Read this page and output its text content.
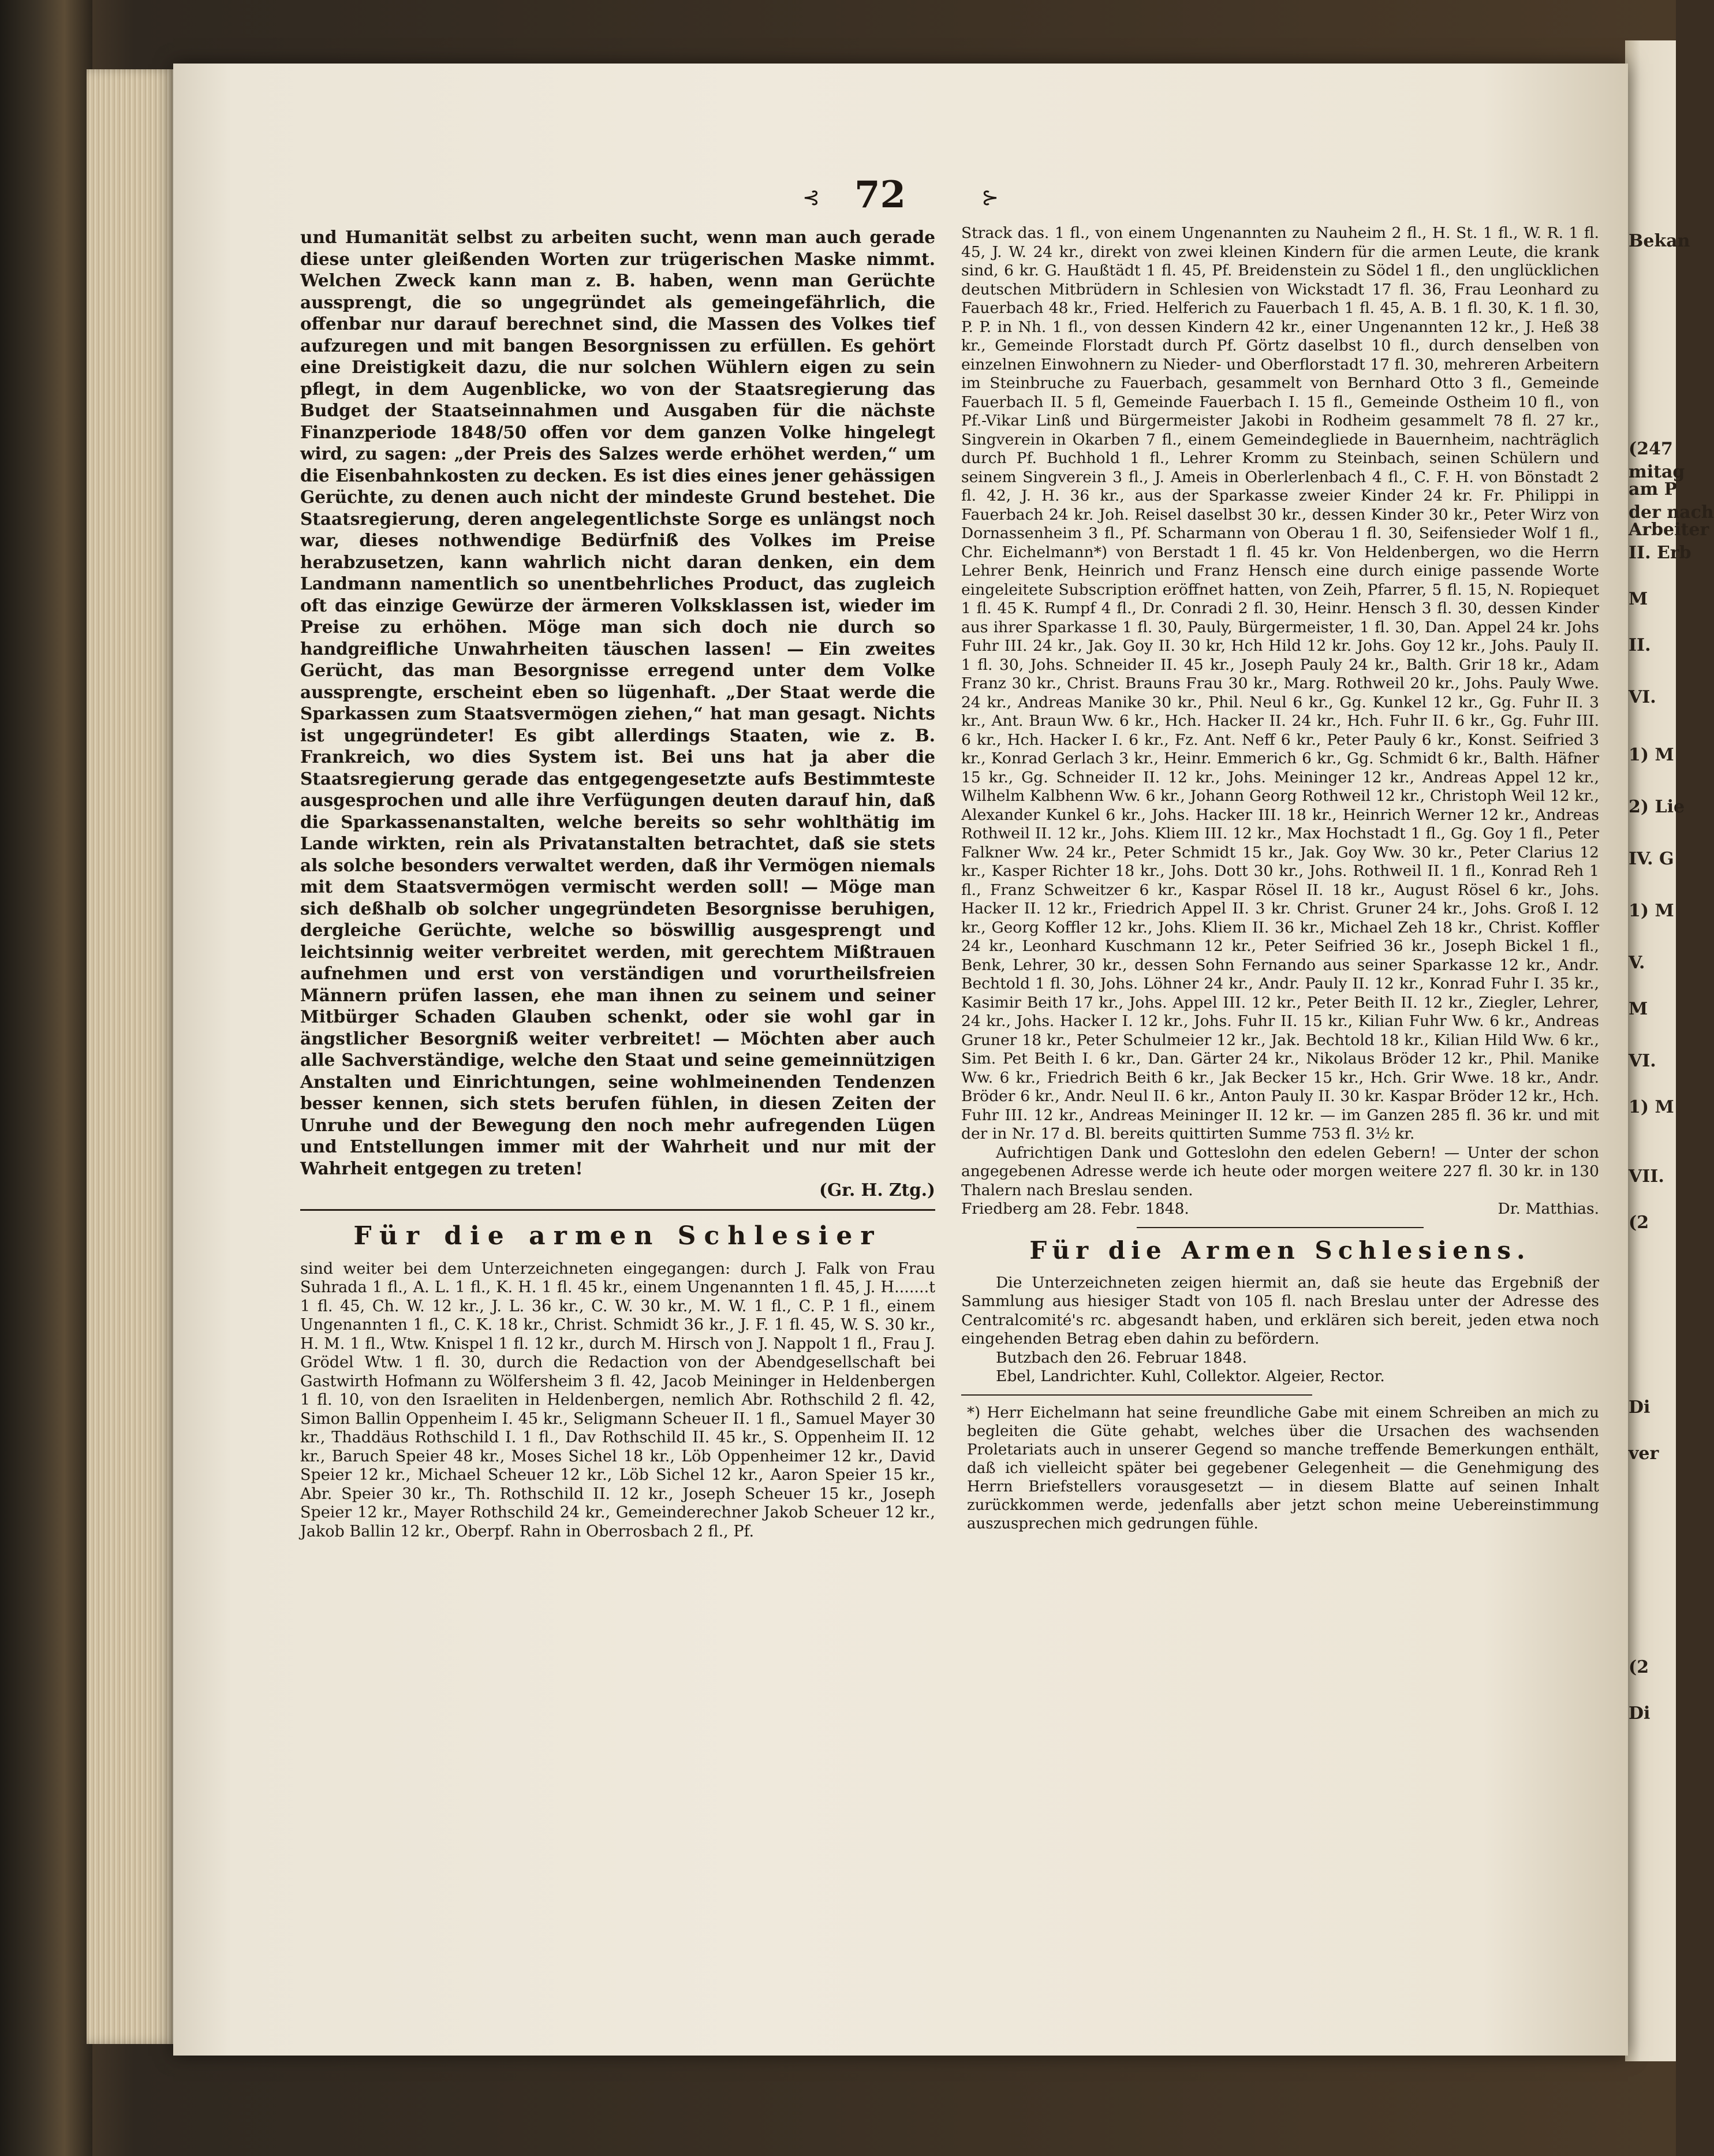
Bekan
(247
mitag
am P
der nach
Arbeiter
II. Erb
M
II.
VI.
1) M
2) Lie
IV. G
1) M
V.
M
VI.
1) M
VII.
(2
Di
ver
(2
Di
⊰ 72	⊱
und Humanität selbst zu arbeiten sucht, wenn man auch gerade diese unter gleißenden Worten zur trügerischen Maske nimmt. Welchen Zweck kann man z. B. haben, wenn man Gerüchte aussprengt, die so ungegründet als gemeingefährlich, die offenbar nur darauf berechnet sind, die Massen des Volkes tief aufzuregen und mit bangen Besorgnissen zu erfüllen. Es gehört eine Dreistigkeit dazu, die nur solchen Wühlern eigen zu sein pflegt, in dem Augenblicke, wo von der Staatsregierung das Budget der Staatseinnahmen und Ausgaben für die nächste Finanzperiode 1848/50 offen vor dem ganzen Volke hingelegt wird, zu sagen: „der Preis des Salzes werde erhöhet werden,“ um die Eisenbahnkosten zu decken. Es ist dies eines jener gehässigen Gerüchte, zu denen auch nicht der mindeste Grund bestehet. Die Staatsregierung, deren angelegentlichste Sorge es unlängst noch war, dieses nothwendige Bedürfniß des Volkes im Preise herabzusetzen, kann wahrlich nicht daran denken, ein dem Landmann namentlich so unentbehrliches Product, das zugleich oft das einzige Gewürze der ärmeren Volksklassen ist, wieder im Preise zu erhöhen. Möge man sich doch nie durch so handgreifliche Unwahrheiten täuschen lassen! — Ein zweites Gerücht, das man Besorgnisse erregend unter dem Volke aussprengte, erscheint eben so lügenhaft. „Der Staat werde die Sparkassen zum Staatsvermögen ziehen,“ hat man gesagt. Nichts ist ungegründeter! Es gibt allerdings Staaten, wie z. B. Frankreich, wo dies System ist. Bei uns hat ja aber die Staatsregierung gerade das entgegengesetzte aufs Bestimmteste ausgesprochen und alle ihre Verfügungen deuten darauf hin, daß die Sparkassenanstalten, welche bereits so sehr wohlthätig im Lande wirkten, rein als Privatanstalten betrachtet, daß sie stets als solche besonders verwaltet werden, daß ihr Vermögen niemals mit dem Staatsvermögen vermischt werden soll! — Möge man sich deßhalb ob solcher ungegründeten Besorgnisse beruhigen, dergleiche Gerüchte, welche so böswillig ausgesprengt und leichtsinnig weiter verbreitet werden, mit gerechtem Mißtrauen aufnehmen und erst von verständigen und vorurtheilsfreien Männern prüfen lassen, ehe man ihnen zu seinem und seiner Mitbürger Schaden Glauben schenkt, oder sie wohl gar in ängstlicher Besorgniß weiter verbreitet! — Möchten aber auch alle Sachverständige, welche den Staat und seine gemeinnützigen Anstalten und Einrichtungen, seine wohlmeinenden Tendenzen besser kennen, sich stets berufen fühlen, in diesen Zeiten der Unruhe und der Bewegung den noch mehr aufregenden Lügen und Entstellungen immer mit der Wahrheit und nur mit der Wahrheit entgegen zu treten!
(Gr. H. Ztg.)
Für die armen Schlesier
sind weiter bei dem Unterzeichneten eingegangen: durch J. Falk von Frau Suhrada 1 fl., A. L. 1 fl., K. H. 1 fl. 45 kr., einem Ungenannten 1 fl. 45, J. H.......t 1 fl. 45, Ch. W. 12 kr., J. L. 36 kr., C. W. 30 kr., M. W. 1 fl., C. P. 1 fl., einem Ungenannten 1 fl., C. K. 18 kr., Christ. Schmidt 36 kr., J. F. 1 fl. 45, W. S. 30 kr., H. M. 1 fl., Wtw. Knispel 1 fl. 12 kr., durch M. Hirsch von J. Nappolt 1 fl., Frau J. Grödel Wtw. 1 fl. 30, durch die Redaction von der Abendgesellschaft bei Gastwirth Hofmann zu Wölfersheim 3 fl. 42, Jacob Meininger in Heldenbergen 1 fl. 10, von den Israeliten in Heldenbergen, nemlich Abr. Rothschild 2 fl. 42, Simon Ballin Oppenheim I. 45 kr., Seligmann Scheuer II. 1 fl., Samuel Mayer 30 kr., Thaddäus Rothschild I. 1 fl., Dav Rothschild II. 45 kr., S. Oppenheim II. 12 kr., Baruch Speier 48 kr., Moses Sichel 18 kr., Löb Oppenheimer 12 kr., David Speier 12 kr., Michael Scheuer 12 kr., Löb Sichel 12 kr., Aaron Speier 15 kr., Abr. Speier 30 kr., Th. Rothschild II. 12 kr., Joseph Scheuer 15 kr., Joseph Speier 12 kr., Mayer Rothschild 24 kr., Gemeinderechner Jakob Scheuer 12 kr., Jakob Ballin 12 kr., Oberpf. Rahn in Oberrosbach 2 fl., Pf.
Strack das. 1 fl., von einem Ungenannten zu Nauheim 2 fl., H. St. 1 fl., W. R. 1 fl. 45, J. W. 24 kr., direkt von zwei kleinen Kindern für die armen Leute, die krank sind, 6 kr. G. Haußtädt 1 fl. 45, Pf. Breidenstein zu Södel 1 fl., den unglücklichen deutschen Mitbrüdern in Schlesien von Wickstadt 17 fl. 36, Frau Leonhard zu Fauerbach 48 kr., Fried. Helferich zu Fauerbach 1 fl. 45, A. B. 1 fl. 30, K. 1 fl. 30, P. P. in Nh. 1 fl., von dessen Kindern 42 kr., einer Ungenannten 12 kr., J. Heß 38 kr., Gemeinde Florstadt durch Pf. Görtz daselbst 10 fl., durch denselben von einzelnen Einwohnern zu Nieder- und Oberflorstadt 17 fl. 30, mehreren Arbeitern im Steinbruche zu Fauerbach, gesammelt von Bernhard Otto 3 fl., Gemeinde Fauerbach II. 5 fl, Gemeinde Fauerbach I. 15 fl., Gemeinde Ostheim 10 fl., von Pf.-Vikar Linß und Bürgermeister Jakobi in Rodheim gesammelt 78 fl. 27 kr., Singverein in Okarben 7 fl., einem Gemeindegliede in Bauernheim, nachträglich durch Pf. Buchhold 1 fl., Lehrer Kromm zu Steinbach, seinen Schülern und seinem Singverein 3 fl., J. Ameis in Oberlerlenbach 4 fl., C. F. H. von Bönstadt 2 fl. 42, J. H. 36 kr., aus der Sparkasse zweier Kinder 24 kr. Fr. Philippi in Fauerbach 24 kr. Joh. Reisel daselbst 30 kr., dessen Kinder 30 kr., Peter Wirz von Dornassenheim 3 fl., Pf. Scharmann von Oberau 1 fl. 30, Seifensieder Wolf 1 fl., Chr. Eichelmann*) von Berstadt 1 fl. 45 kr. Von Heldenbergen, wo die Herrn Lehrer Benk, Heinrich und Franz Hensch eine durch einige passende Worte eingeleitete Subscription eröffnet hatten, von Zeih, Pfarrer, 5 fl. 15, N. Ropiequet 1 fl. 45 K. Rumpf 4 fl., Dr. Conradi 2 fl. 30, Heinr. Hensch 3 fl. 30, dessen Kinder aus ihrer Sparkasse 1 fl. 30, Pauly, Bürgermeister, 1 fl. 30, Dan. Appel 24 kr. Johs Fuhr III. 24 kr., Jak. Goy II. 30 kr, Hch Hild 12 kr. Johs. Goy 12 kr., Johs. Pauly II. 1 fl. 30, Johs. Schneider II. 45 kr., Joseph Pauly 24 kr., Balth. Grir 18 kr., Adam Franz 30 kr., Christ. Brauns Frau 30 kr., Marg. Rothweil 20 kr., Johs. Pauly Wwe. 24 kr., Andreas Manike 30 kr., Phil. Neul 6 kr., Gg. Kunkel 12 kr., Gg. Fuhr II. 3 kr., Ant. Braun Ww. 6 kr., Hch. Hacker II. 24 kr., Hch. Fuhr II. 6 kr., Gg. Fuhr III. 6 kr., Hch. Hacker I. 6 kr., Fz. Ant. Neff 6 kr., Peter Pauly 6 kr., Konst. Seifried 3 kr., Konrad Gerlach 3 kr., Heinr. Emmerich 6 kr., Gg. Schmidt 6 kr., Balth. Häfner 15 kr., Gg. Schneider II. 12 kr., Johs. Meininger 12 kr., Andreas Appel 12 kr., Wilhelm Kalbhenn Ww. 6 kr., Johann Georg Rothweil 12 kr., Christoph Weil 12 kr., Alexander Kunkel 6 kr., Johs. Hacker III. 18 kr., Heinrich Werner 12 kr., Andreas Rothweil II. 12 kr., Johs. Kliem III. 12 kr., Max Hochstadt 1 fl., Gg. Goy 1 fl., Peter Falkner Ww. 24 kr., Peter Schmidt 15 kr., Jak. Goy Ww. 30 kr., Peter Clarius 12 kr., Kasper Richter 18 kr., Johs. Dott 30 kr., Johs. Rothweil II. 1 fl., Konrad Reh 1 fl., Franz Schweitzer 6 kr., Kaspar Rösel II. 18 kr., August Rösel 6 kr., Johs. Hacker II. 12 kr., Friedrich Appel II. 3 kr. Christ. Gruner 24 kr., Johs. Groß I. 12 kr., Georg Koffler 12 kr., Johs. Kliem II. 36 kr., Michael Zeh 18 kr., Christ. Koffler 24 kr., Leonhard Kuschmann 12 kr., Peter Seifried 36 kr., Joseph Bickel 1 fl., Benk, Lehrer, 30 kr., dessen Sohn Fernando aus seiner Sparkasse 12 kr., Andr. Bechtold 1 fl. 30, Johs. Löhner 24 kr., Andr. Pauly II. 12 kr., Konrad Fuhr I. 35 kr., Kasimir Beith 17 kr., Johs. Appel III. 12 kr., Peter Beith II. 12 kr., Ziegler, Lehrer, 24 kr., Johs. Hacker I. 12 kr., Johs. Fuhr II. 15 kr., Kilian Fuhr Ww. 6 kr., Andreas Gruner 18 kr., Peter Schulmeier 12 kr., Jak. Bechtold 18 kr., Kilian Hild Ww. 6 kr., Sim. Pet Beith I. 6 kr., Dan. Gärter 24 kr., Nikolaus Bröder 12 kr., Phil. Manike Ww. 6 kr., Friedrich Beith 6 kr., Jak Becker 15 kr., Hch. Grir Wwe. 18 kr., Andr. Bröder 6 kr., Andr. Neul II. 6 kr., Anton Pauly II. 30 kr. Kaspar Bröder 12 kr., Hch. Fuhr III. 12 kr., Andreas Meininger II. 12 kr. — im Ganzen 285 fl. 36 kr. und mit der in Nr. 17 d. Bl. bereits quittirten Summe 753 fl. 3½ kr.
Aufrichtigen Dank und Gotteslohn den edelen Gebern! — Unter der schon angegebenen Adresse werde ich heute oder morgen weitere 227 fl. 30 kr. in 130 Thalern nach Breslau senden.
Friedberg am 28. Febr. 1848.	Dr. Matthias.
Für die Armen Schlesiens.
Die Unterzeichneten zeigen hiermit an, daß sie heute das Ergebniß der Sammlung aus hiesiger Stadt von 105 fl. nach Breslau unter der Adresse des Centralcomité's rc. abgesandt haben, und erklären sich bereit, jeden etwa noch eingehenden Betrag eben dahin zu befördern.
Butzbach den 26. Februar 1848.
Ebel, Landrichter. Kuhl, Collektor. Algeier, Rector.
*) Herr Eichelmann hat seine freundliche Gabe mit einem Schreiben an mich zu begleiten die Güte gehabt, welches über die Ursachen des wachsenden Proletariats auch in unserer Gegend so manche treffende Bemerkungen enthält, daß ich vielleicht später bei gegebener Gelegenheit — die Genehmigung des Herrn Briefstellers vorausgesetzt — in diesem Blatte auf seinen Inhalt zurückkommen werde, jedenfalls aber jetzt schon meine Uebereinstimmung auszusprechen mich gedrungen fühle.
